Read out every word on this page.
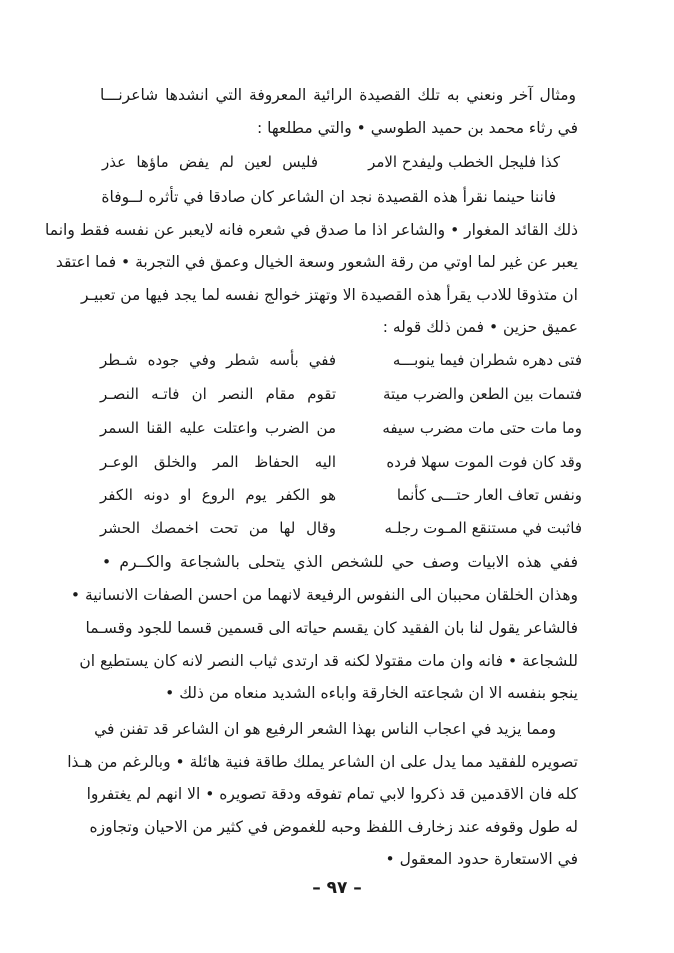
ومثال آخر ونعني به تلك القصيدة الرائية المعروفة التي انشدها شاعرنـــا
في رثاء محمد بن حميد الطوسي • والتي مطلعها :
كذا فليجل الخطب وليفدح الامر
فليس لعين لم يفض ماؤها عذر
فاننا حينما نقرأ هذه القصيدة نجد ان الشاعر كان صادقا في تأثره لــوفاة
ذلك القائد المغوار • والشاعر اذا ما صدق في شعره فانه لايعبر عن نفسه فقط وانما
يعبر عن غير لما اوتي من رقة الشعور وسعة الخيال وعمق في التجربة • فما اعتقد
ان متذوقا للادب يقرأ هذه القصيدة الا وتهتز خوالج نفسه لما يجد فيها من تعبيـر
عميق حزين • فمن ذلك قوله :
فتى دهره شطران فيما ينوبـــه
ففي بأسه شطر وفي جوده شـطر
فتىمات بين الطعن والضرب ميتة
تقوم مقام النصر ان فاتـه النصـر
وما مات حتى مات مضرب سيفه
من الضرب واعتلت عليه القنا السمر
وقد كان فوت الموت سهلا فرده
اليه الحفاظ المر والخلق الوعـر
ونفس تعاف العار حتـــى كأنما
هو الكفر يوم الروع او دونه الكفر
فاثبت في مستنقع المـوت رجلـه
وقال لها من تحت اخمصك الحشر
ففي هذه الابيات وصف حي للشخص الذي يتحلى بالشجاعة والكــرم •
وهذان الخلقان محببان الى النفوس الرفيعة لانهما من احسن الصفات الانسانية •
فالشاعر يقول لنا بان الفقيد كان يقسم حياته الى قسمين قسما للجود وقسـما
للشجاعة • فانه وان مات مقتولا لكنه قد ارتدى ثياب النصر لانه كان يستطيع ان
ينجو بنفسه الا ان شجاعته الخارقة واباءه الشديد منعاه من ذلك •
ومما يزيد في اعجاب الناس بهذا الشعر الرفيع هو ان الشاعر قد تفنن في
تصويره للفقيد مما يدل على ان الشاعر يملك طاقة فنية هائلة • وبالرغم من هـذا
كله فان الاقدمين قد ذكروا لابي تمام تفوقه ودقة تصويره • الا انهم لم يغتفروا
له طول وقوفه عند زخارف اللفظ وحبه للغموض في كثير من الاحيان وتجاوزه
في الاستعارة حدود المعقول •
– ٩٧ –
